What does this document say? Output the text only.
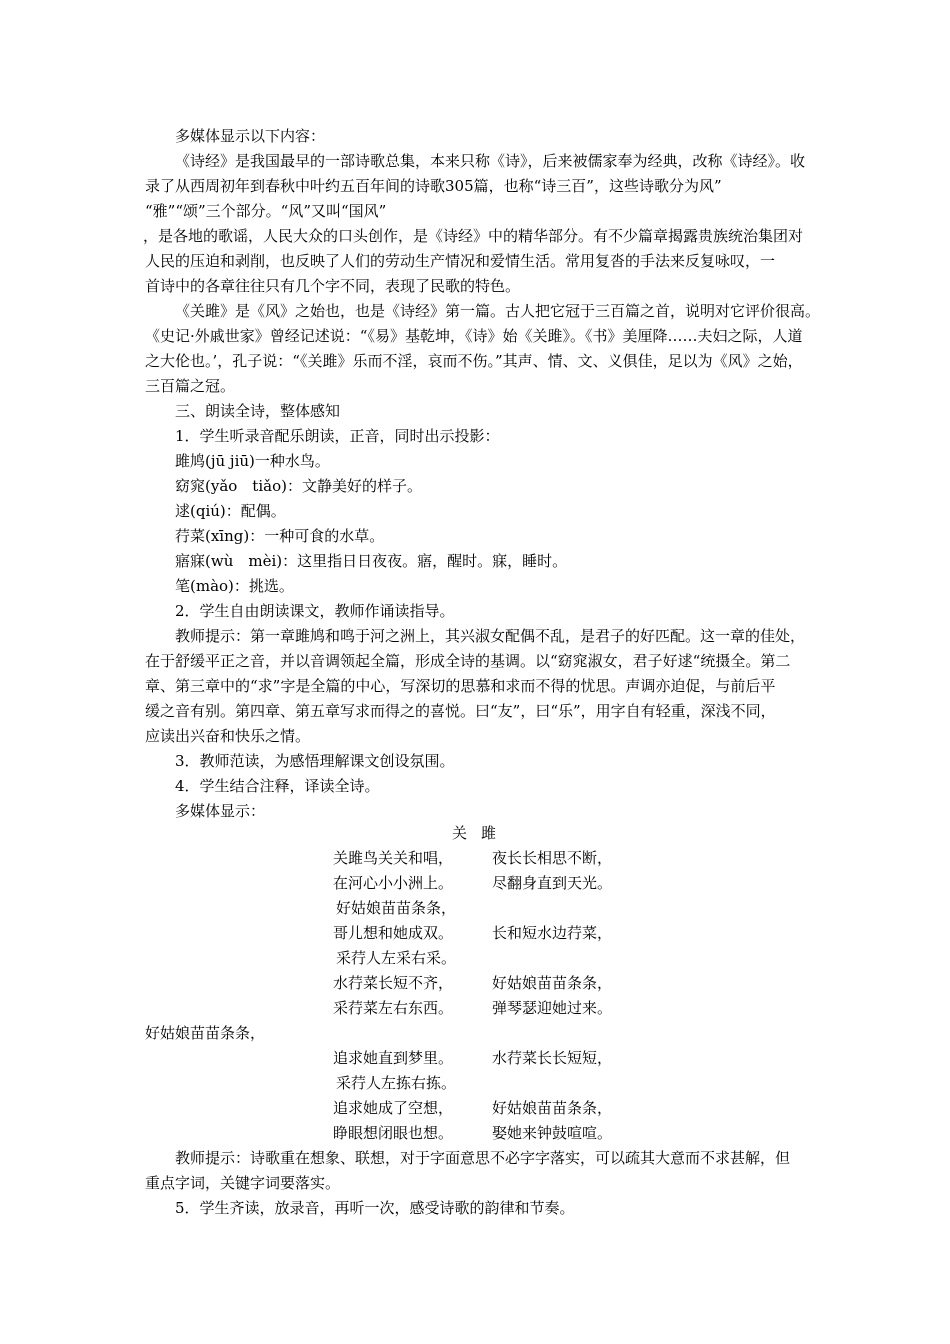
多媒体显示以下内容：

《诗经》是我国最早的一部诗歌总集，本来只称《诗》，后来被儒家奉为经典，改称《诗经》。收

录了从西周初年到春秋中叶约五百年间的诗歌305篇，也称“诗三百”，这些诗歌分为风”

“雅”“颂”三个部分。“风”又叫“国风”

，是各地的歌谣，人民大众的口头创作，是《诗经》中的精华部分。有不少篇章揭露贵族统治集团对

人民的压迫和剥削，也反映了人们的劳动生产情况和爱情生活。常用复沓的手法来反复咏叹，一

首诗中的各章往往只有几个字不同，表现了民歌的特色。

《关雎》是《风》之始也，也是《诗经》第一篇。古人把它冠于三百篇之首，说明对它评价很高。

《史记·外戚世家》曾经记述说：“《易》基乾坤，《诗》始《关雎》。《书》美厘降……夫妇之际，人道

之大伦也。’，孔子说：“《关雎》乐而不淫，哀而不伤。”其声、情、文、义俱佳，足以为《风》之始，

三百篇之冠。

三、朗读全诗，整体感知

1．学生听录音配乐朗读，正音，同时出示投影：

雎鸠(jū jiū)一种水鸟。

窈窕(yǎo　tiǎo)：文静美好的样子。

逑(qiú)：配偶。

荇菜(xīng)：一种可食的水草。

寤寐(wù　mèi)：这里指日日夜夜。寤，醒时。寐，睡时。

笔(mào)：挑选。

2．学生自由朗读课文，教师作诵读指导。

教师提示：第一章雎鸠和鸣于河之洲上，其兴淑女配偶不乱，是君子的好匹配。这一章的佳处，

在于舒缓平正之音，并以音调领起全篇，形成全诗的基调。以“窈窕淑女，君子好逑“统摄全。第二

章、第三章中的“求”字是全篇的中心，写深切的思慕和求而不得的忧思。声调亦迫促，与前后平

缓之音有别。第四章、第五章写求而得之的喜悦。曰“友”，曰“乐”，用字自有轻重，深浅不同，

应读出兴奋和快乐之情。

3．教师范读，为感悟理解课文创设氛围。

4．学生结合注释，译读全诗。

多媒体显示：

关雎
关雎鸟关关和唱，	夜长长相思不断，
在河心小小洲上。	尽翻身直到天光。
好姑娘苗苗条条，
哥儿想和她成双。	长和短水边荇菜，
采荇人左采右采。
水荇菜长短不齐，	好姑娘苗苗条条，
采荇菜左右东西。	弹琴瑟迎她过来。
好姑娘苗苗条条，
追求她直到梦里。	水荇菜长长短短，
采荇人左拣右拣。
追求她成了空想，	好姑娘苗苗条条，
睁眼想闭眼也想。	娶她来钟鼓喧喧。

教师提示：诗歌重在想象、联想，对于字面意思不必字字落实，可以疏其大意而不求甚解，但

重点字词，关键字词要落实。

5．学生齐读，放录音，再听一次，感受诗歌的韵律和节奏。
